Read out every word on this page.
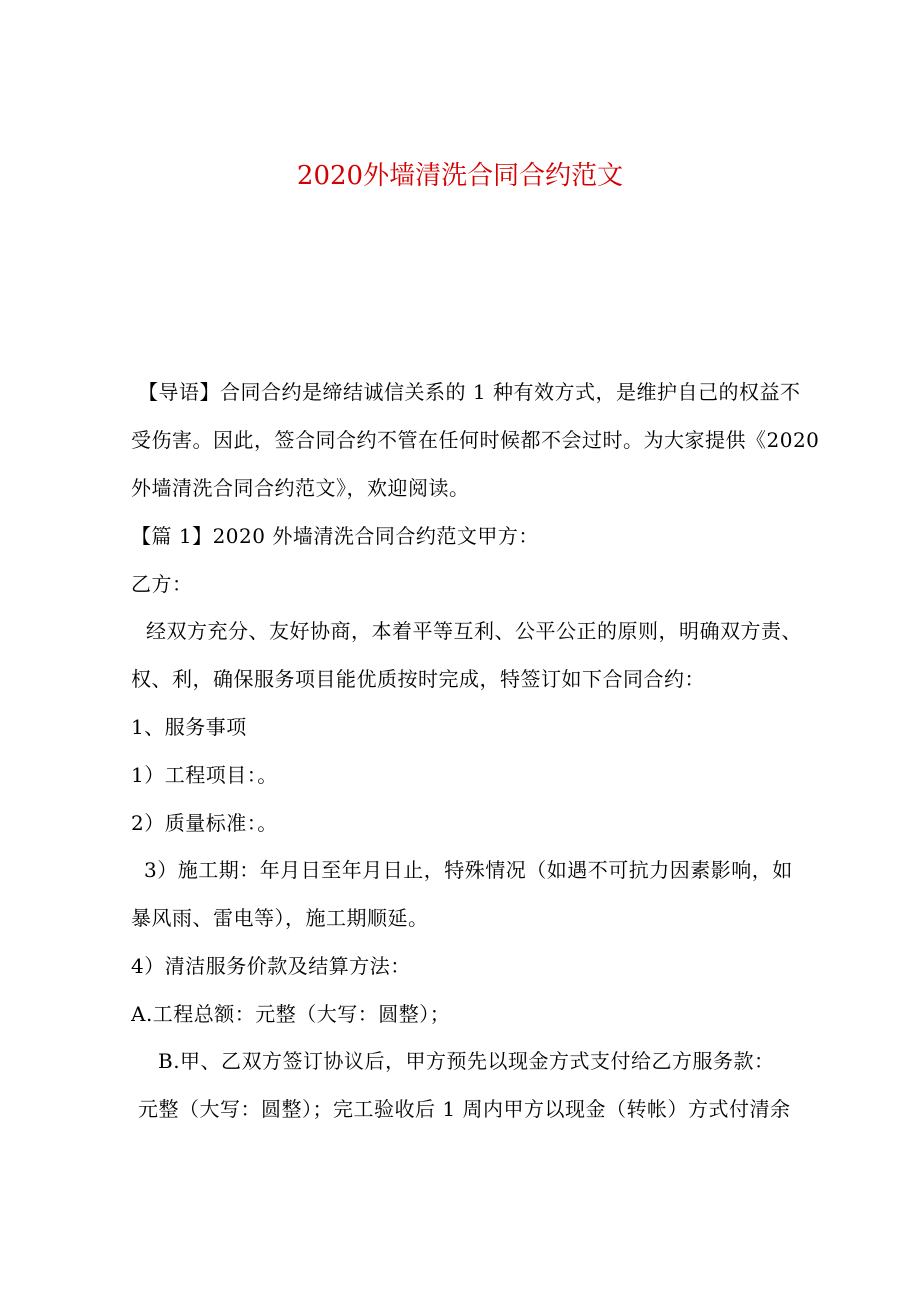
2020外墙清洗合同合约范文
【导语】合同合约是缔结诚信关系的 1 种有效方式，是维护自己的权益不
受伤害。因此，签合同合约不管在任何时候都不会过时。为大家提供《2020
外墙清洗合同合约范文》，欢迎阅读。
【篇 1】2020 外墙清洗合同合约范文甲方：
乙方：
经双方充分、友好协商，本着平等互利、公平公正的原则，明确双方责、
权、利，确保服务项目能优质按时完成，特签订如下合同合约：
1、服务事项
1）工程项目：。
2）质量标准：。
3）施工期：年月日至年月日止，特殊情况（如遇不可抗力因素影响，如
暴风雨、雷电等），施工期顺延。
4）清洁服务价款及结算方法：
A.工程总额：元整（大写：圆整）；
B.甲、乙双方签订协议后，甲方预先以现金方式支付给乙方服务款：
元整（大写：圆整）；完工验收后 1 周内甲方以现金（转帐）方式付清余
